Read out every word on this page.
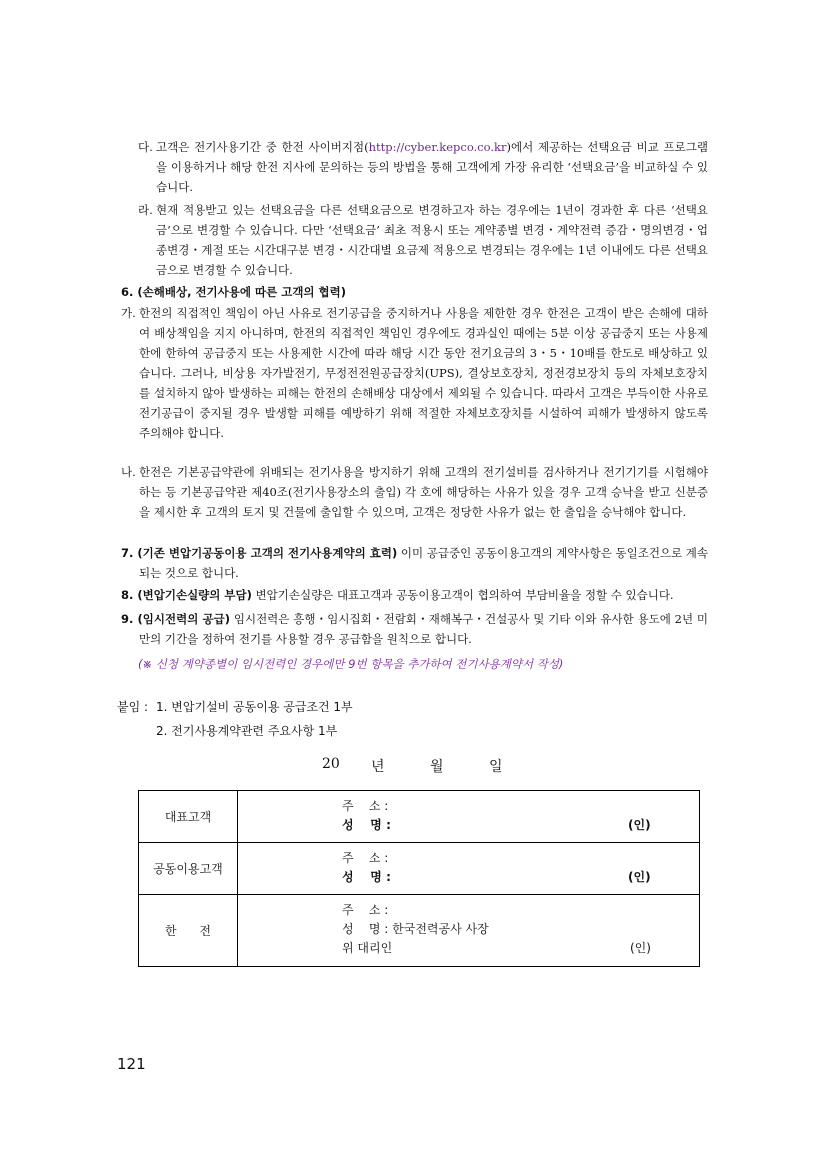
다. 고객은 전기사용기간 중 한전 사이버지점(http://cyber.kepco.co.kr)에서 제공하는 선택요금 비교 프로그램을 이용하거나 해당 한전 지사에 문의하는 등의 방법을 통해 고객에게 가장 유리한 ‘선택요금’을 비교하실 수 있습니다.
라. 현재 적용받고 있는 선택요금을 다른 선택요금으로 변경하고자 하는 경우에는 1년이 경과한 후 다른 ‘선택요금’으로 변경할 수 있습니다. 다만 ‘선택요금’ 최초 적용시 또는 계약종별 변경・계약전력 증감・명의변경・업종변경・계절 또는 시간대구분 변경・시간대별 요금제 적용으로 변경되는 경우에는 1년 이내에도 다른 선택요금으로 변경할 수 있습니다.
6. (손해배상, 전기사용에 따른 고객의 협력)
가. 한전의 직접적인 책임이 아닌 사유로 전기공급을 중지하거나 사용을 제한한 경우 한전은 고객이 받은 손해에 대하여 배상책임을 지지 아니하며, 한전의 직접적인 책임인 경우에도 경과실인 때에는 5분 이상 공급중지 또는 사용제한에 한하여 공급중지 또는 사용제한 시간에 따라 해당 시간 동안 전기요금의 3・5・10배를 한도로 배상하고 있습니다. 그러나, 비상용 자가발전기, 무정전전원공급장치(UPS), 결상보호장치, 정전경보장치 등의 자체보호장치를 설치하지 않아 발생하는 피해는 한전의 손해배상 대상에서 제외될 수 있습니다. 따라서 고객은 부득이한 사유로 전기공급이 중지될 경우 발생할 피해를 예방하기 위해 적절한 자체보호장치를 시설하여 피해가 발생하지 않도록 주의해야 합니다.
나. 한전은 기본공급약관에 위배되는 전기사용을 방지하기 위해 고객의 전기설비를 검사하거나 전기기기를 시험해야 하는 등 기본공급약관 제40조(전기사용장소의 출입) 각 호에 해당하는 사유가 있을 경우 고객 승낙을 받고 신분증을 제시한 후 고객의 토지 및 건물에 출입할 수 있으며, 고객은 정당한 사유가 없는 한 출입을 승낙해야 합니다.
7. (기존 변압기공동이용 고객의 전기사용계약의 효력) 이미 공급중인 공동이용고객의 계약사항은 동일조건으로 계속되는 것으로 합니다.
8. (변압기손실량의 부담) 변압기손실량은 대표고객과 공동이용고객이 협의하여 부담비율을 정할 수 있습니다.
9. (임시전력의 공급) 임시전력은 흥행・임시집회・전람회・재해복구・건설공사 및 기타 이와 유사한 용도에 2년 미만의 기간을 정하여 전기를 사용할 경우 공급함을 원칙으로 합니다.
(※ 신청 계약종별이 임시전력인 경우에만 9번 항목을 추가하여 전기사용계약서 작성)
붙임 : 1. 변압기설비 공동이용 공급조건 1부
2. 전기사용계약관련 주요사항 1부
20 년	월	일
대표고객	주    소 :
성    명 : (인)

공동이용고객	주    소 :
성    명 : (인)

한      전	주    소 :
성    명 : 한국전력공사 사장
위 대리인 (인)
121
